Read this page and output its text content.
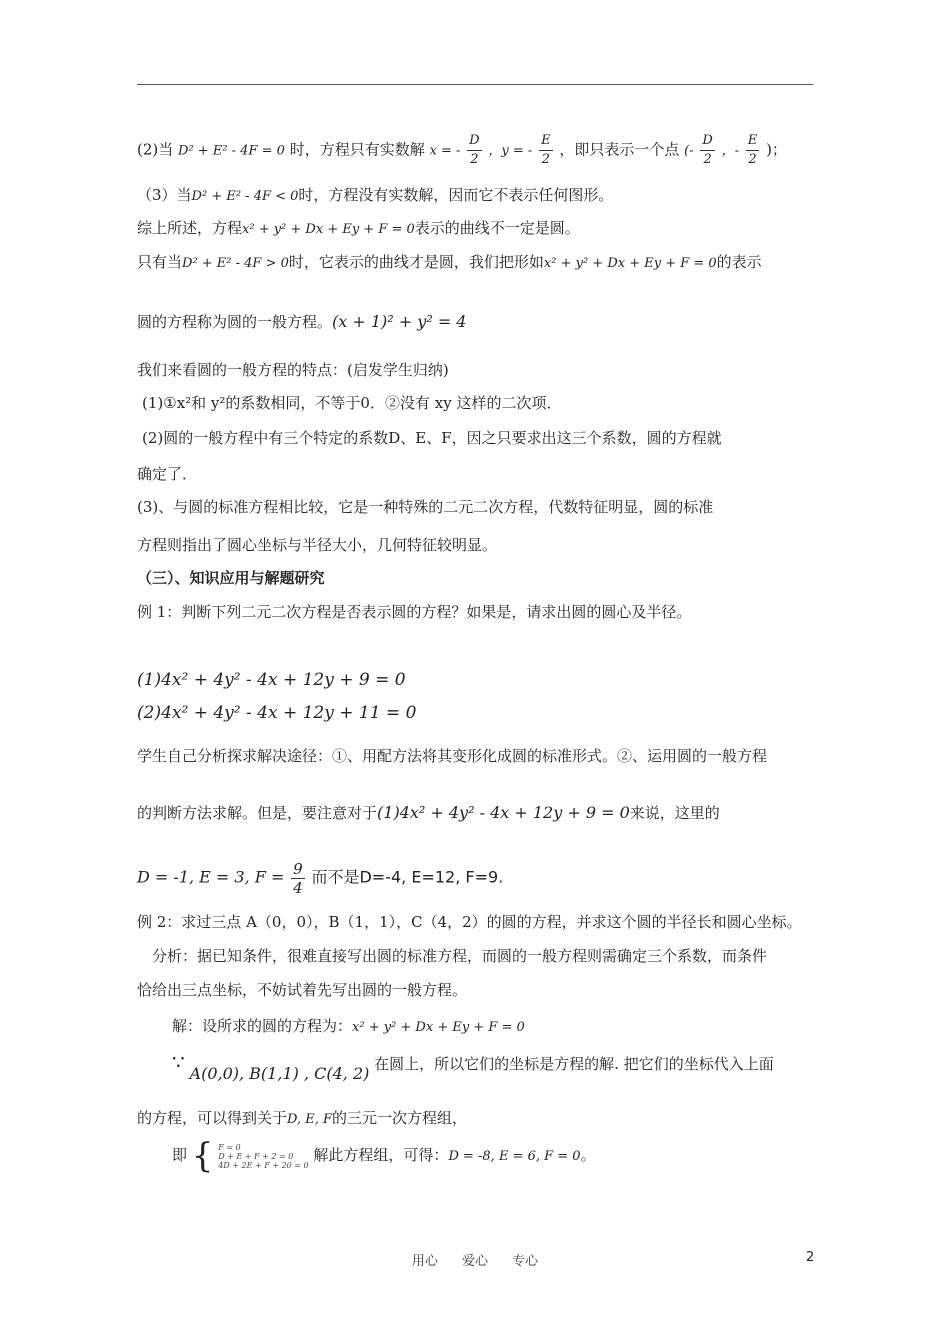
(2)当 D² + E² - 4F = 0 时，方程只有实数解 x = - $\frac{D}{2}$ ，y = - $\frac{E}{2}$ ，即只表示一个点 (- $\frac{D}{2}$ ，- $\frac{E}{2}$ )；
（3）当D² + E² - 4F < 0时，方程没有实数解，因而它不表示任何图形。
综上所述，方程x² + y² + Dx + Ey + F = 0表示的曲线不一定是圆。
只有当D² + E² - 4F > 0时，它表示的曲线才是圆，我们把形如x² + y² + Dx + Ey + F = 0的表示
圆的方程称为圆的一般方程。(x + 1)² + y² = 4
我们来看圆的一般方程的特点：(启发学生归纳)
(1)①x²和 y²的系数相同，不等于0．②没有 xy 这样的二次项．
(2)圆的一般方程中有三个特定的系数D、E、F，因之只要求出这三个系数，圆的方程就
确定了．
(3)、与圆的标准方程相比较，它是一种特殊的二元二次方程，代数特征明显，圆的标准
方程则指出了圆心坐标与半径大小，几何特征较明显。
（三）、知识应用与解题研究
例 1：判断下列二元二次方程是否表示圆的方程？如果是，请求出圆的圆心及半径。
(1)4x² + 4y² - 4x + 12y + 9 = 0
(2)4x² + 4y² - 4x + 12y + 11 = 0
学生自己分析探求解决途径：①、用配方法将其变形化成圆的标准形式。②、运用圆的一般方程
的判断方法求解。但是，要注意对于(1)4x² + 4y² - 4x + 12y + 9 = 0来说，这里的
D = -1, E = 3, $F = \frac{9}{4}$ 而不是D=-4, E=12, F=9.
例 2：求过三点 A（0，0），B（1，1），C（4，2）的圆的方程，并求这个圆的半径长和圆心坐标。
分析：据已知条件，很难直接写出圆的标准方程，而圆的一般方程则需确定三个系数，而条件
恰给出三点坐标，不妨试着先写出圆的一般方程。
解：设所求的圆的方程为：x² + y² + Dx + Ey + F = 0
∵ A(0,0), B(1,1) , C(4, 2) 在圆上，所以它们的坐标是方程的解. 把它们的坐标代入上面
的方程，可以得到关于D, E, F的三元一次方程组，
即 { F = 0
D + E + F + 2 = 0
4D + 2E + F + 20 = 0
解此方程组，可得：D = -8, E = 6, F = 0。
用心 爱心 专心	2
